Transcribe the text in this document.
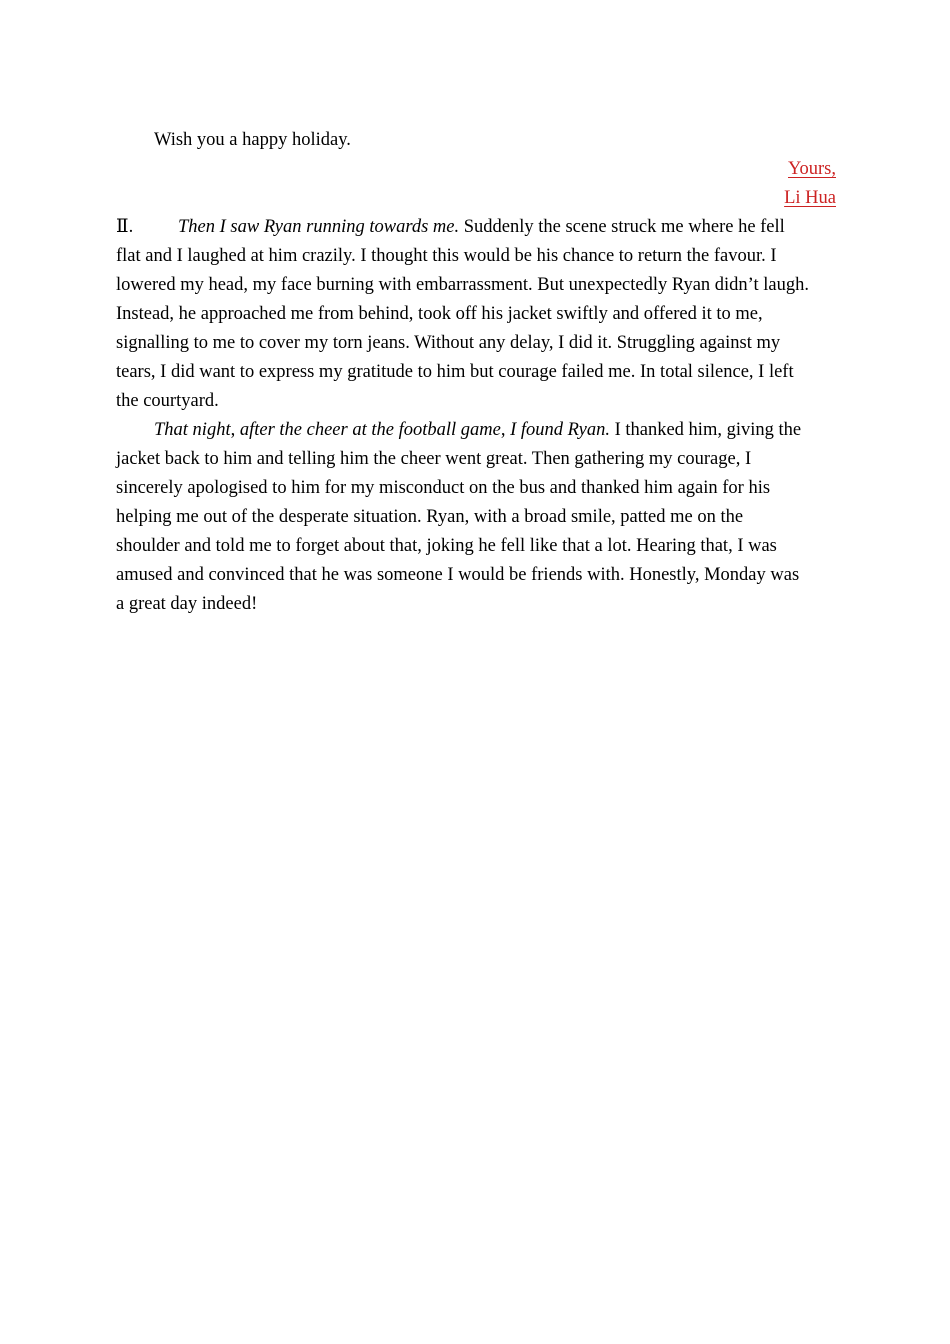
Wish you a happy holiday.
Yours,
Li Hua
Ⅱ. Then I saw Ryan running towards me. Suddenly the scene struck me where he fell
flat and I laughed at him crazily. I thought this would be his chance to return the favour. I
lowered my head, my face burning with embarrassment. But unexpectedly Ryan didn’t laugh.
Instead, he approached me from behind, took off his jacket swiftly and offered it to me,
signalling to me to cover my torn jeans. Without any delay, I did it. Struggling against my
tears, I did want to express my gratitude to him but courage failed me. In total silence, I left
the courtyard.
That night, after the cheer at the football game, I found Ryan. I thanked him, giving the
jacket back to him and telling him the cheer went great. Then gathering my courage, I
sincerely apologised to him for my misconduct on the bus and thanked him again for his
helping me out of the desperate situation. Ryan, with a broad smile, patted me on the
shoulder and told me to forget about that, joking he fell like that a lot. Hearing that, I was
amused and convinced that he was someone I would be friends with. Honestly, Monday was
a great day indeed!
